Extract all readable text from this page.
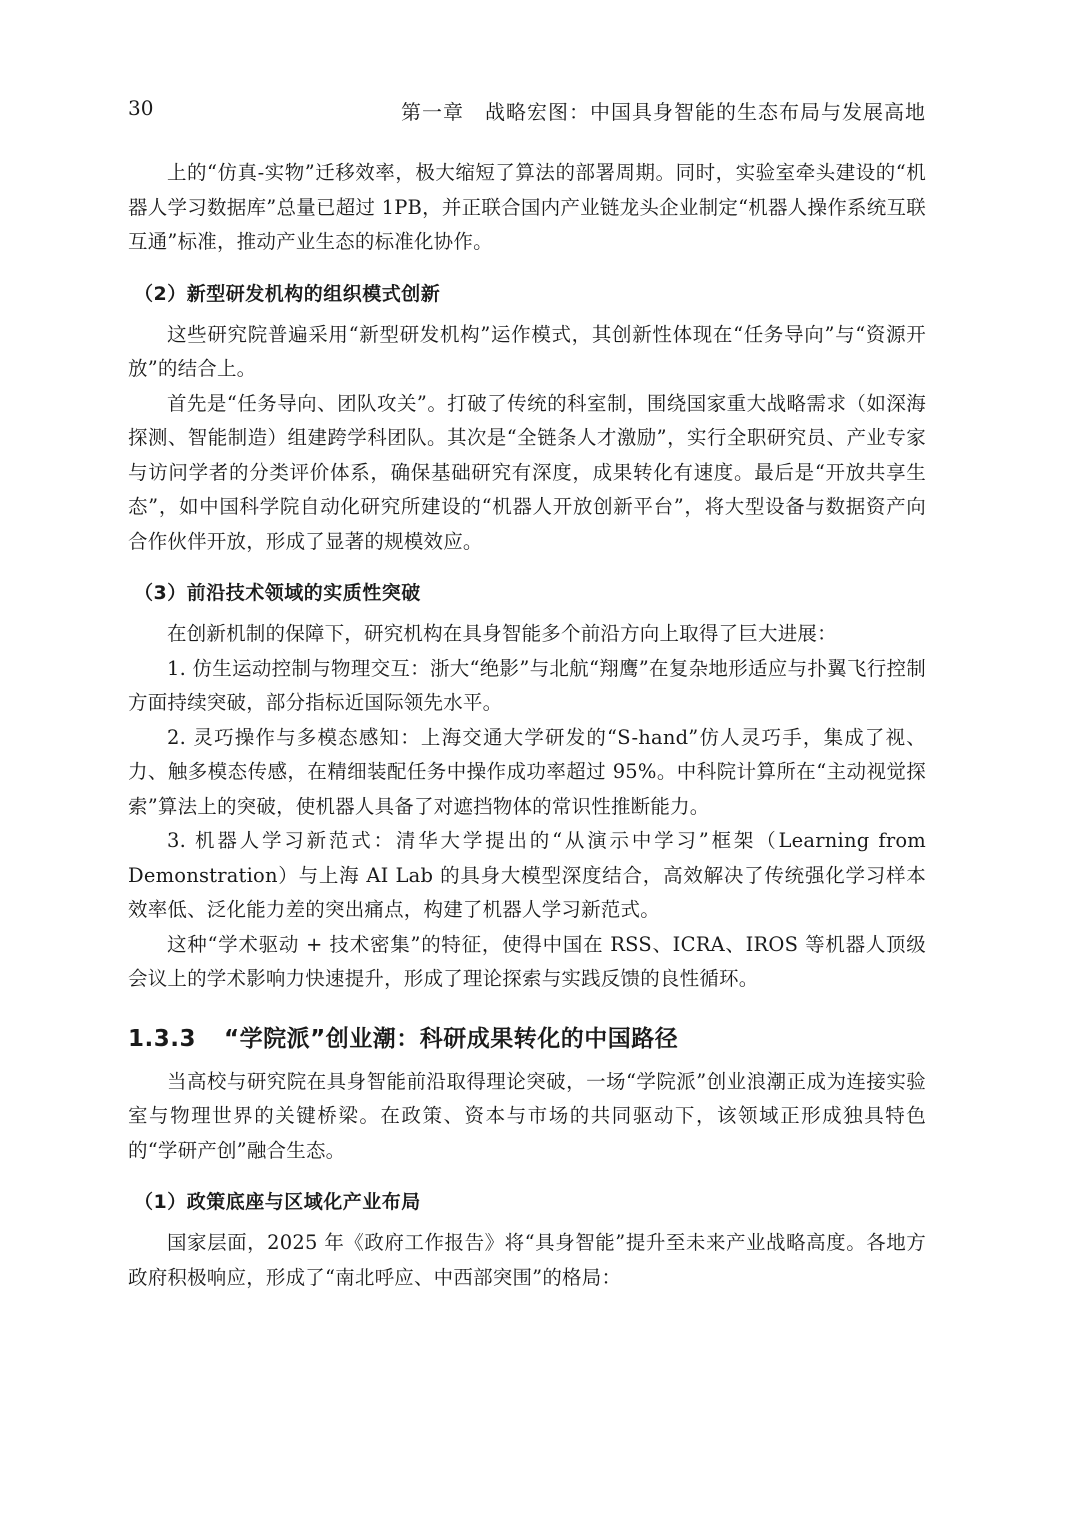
30	第一章　战略宏图：中国具身智能的生态布局与发展高地

上的“仿真-实物”迁移效率，极大缩短了算法的部署周期。同时，实验室牵头建设的“机器人学习数据库”总量已超过 1PB，并正联合国内产业链龙头企业制定“机器人操作系统互联互通”标准，推动产业生态的标准化协作。

（2）新型研发机构的组织模式创新

这些研究院普遍采用“新型研发机构”运作模式，其创新性体现在“任务导向”与“资源开放”的结合上。

首先是“任务导向、团队攻关”。打破了传统的科室制，围绕国家重大战略需求（如深海探测、智能制造）组建跨学科团队。其次是“全链条人才激励”，实行全职研究员、产业专家与访问学者的分类评价体系，确保基础研究有深度，成果转化有速度。最后是“开放共享生态”，如中国科学院自动化研究所建设的“机器人开放创新平台”，将大型设备与数据资产向合作伙伴开放，形成了显著的规模效应。

（3）前沿技术领域的实质性突破

在创新机制的保障下，研究机构在具身智能多个前沿方向上取得了巨大进展：

1. 仿生运动控制与物理交互：浙大“绝影”与北航“翔鹰”在复杂地形适应与扑翼飞行控制方面持续突破，部分指标近国际领先水平。

2. 灵巧操作与多模态感知：上海交通大学研发的“S-hand”仿人灵巧手，集成了视、力、触多模态传感，在精细装配任务中操作成功率超过 95%。中科院计算所在“主动视觉探索”算法上的突破，使机器人具备了对遮挡物体的常识性推断能力。

3. 机器人学习新范式：清华大学提出的“从演示中学习”框架（Learning from Demonstration）与上海 AI Lab 的具身大模型深度结合，高效解决了传统强化学习样本效率低、泛化能力差的突出痛点，构建了机器人学习新范式。

这种“学术驱动 + 技术密集”的特征，使得中国在 RSS、ICRA、IROS 等机器人顶级会议上的学术影响力快速提升，形成了理论探索与实践反馈的良性循环。

1.3.3 “学院派”创业潮：科研成果转化的中国路径

当高校与研究院在具身智能前沿取得理论突破，一场“学院派”创业浪潮正成为连接实验室与物理世界的关键桥梁。在政策、资本与市场的共同驱动下，该领域正形成独具特色的“学研产创”融合生态。

（1）政策底座与区域化产业布局

国家层面，2025 年《政府工作报告》将“具身智能”提升至未来产业战略高度。各地方政府积极响应，形成了“南北呼应、中西部突围”的格局：
